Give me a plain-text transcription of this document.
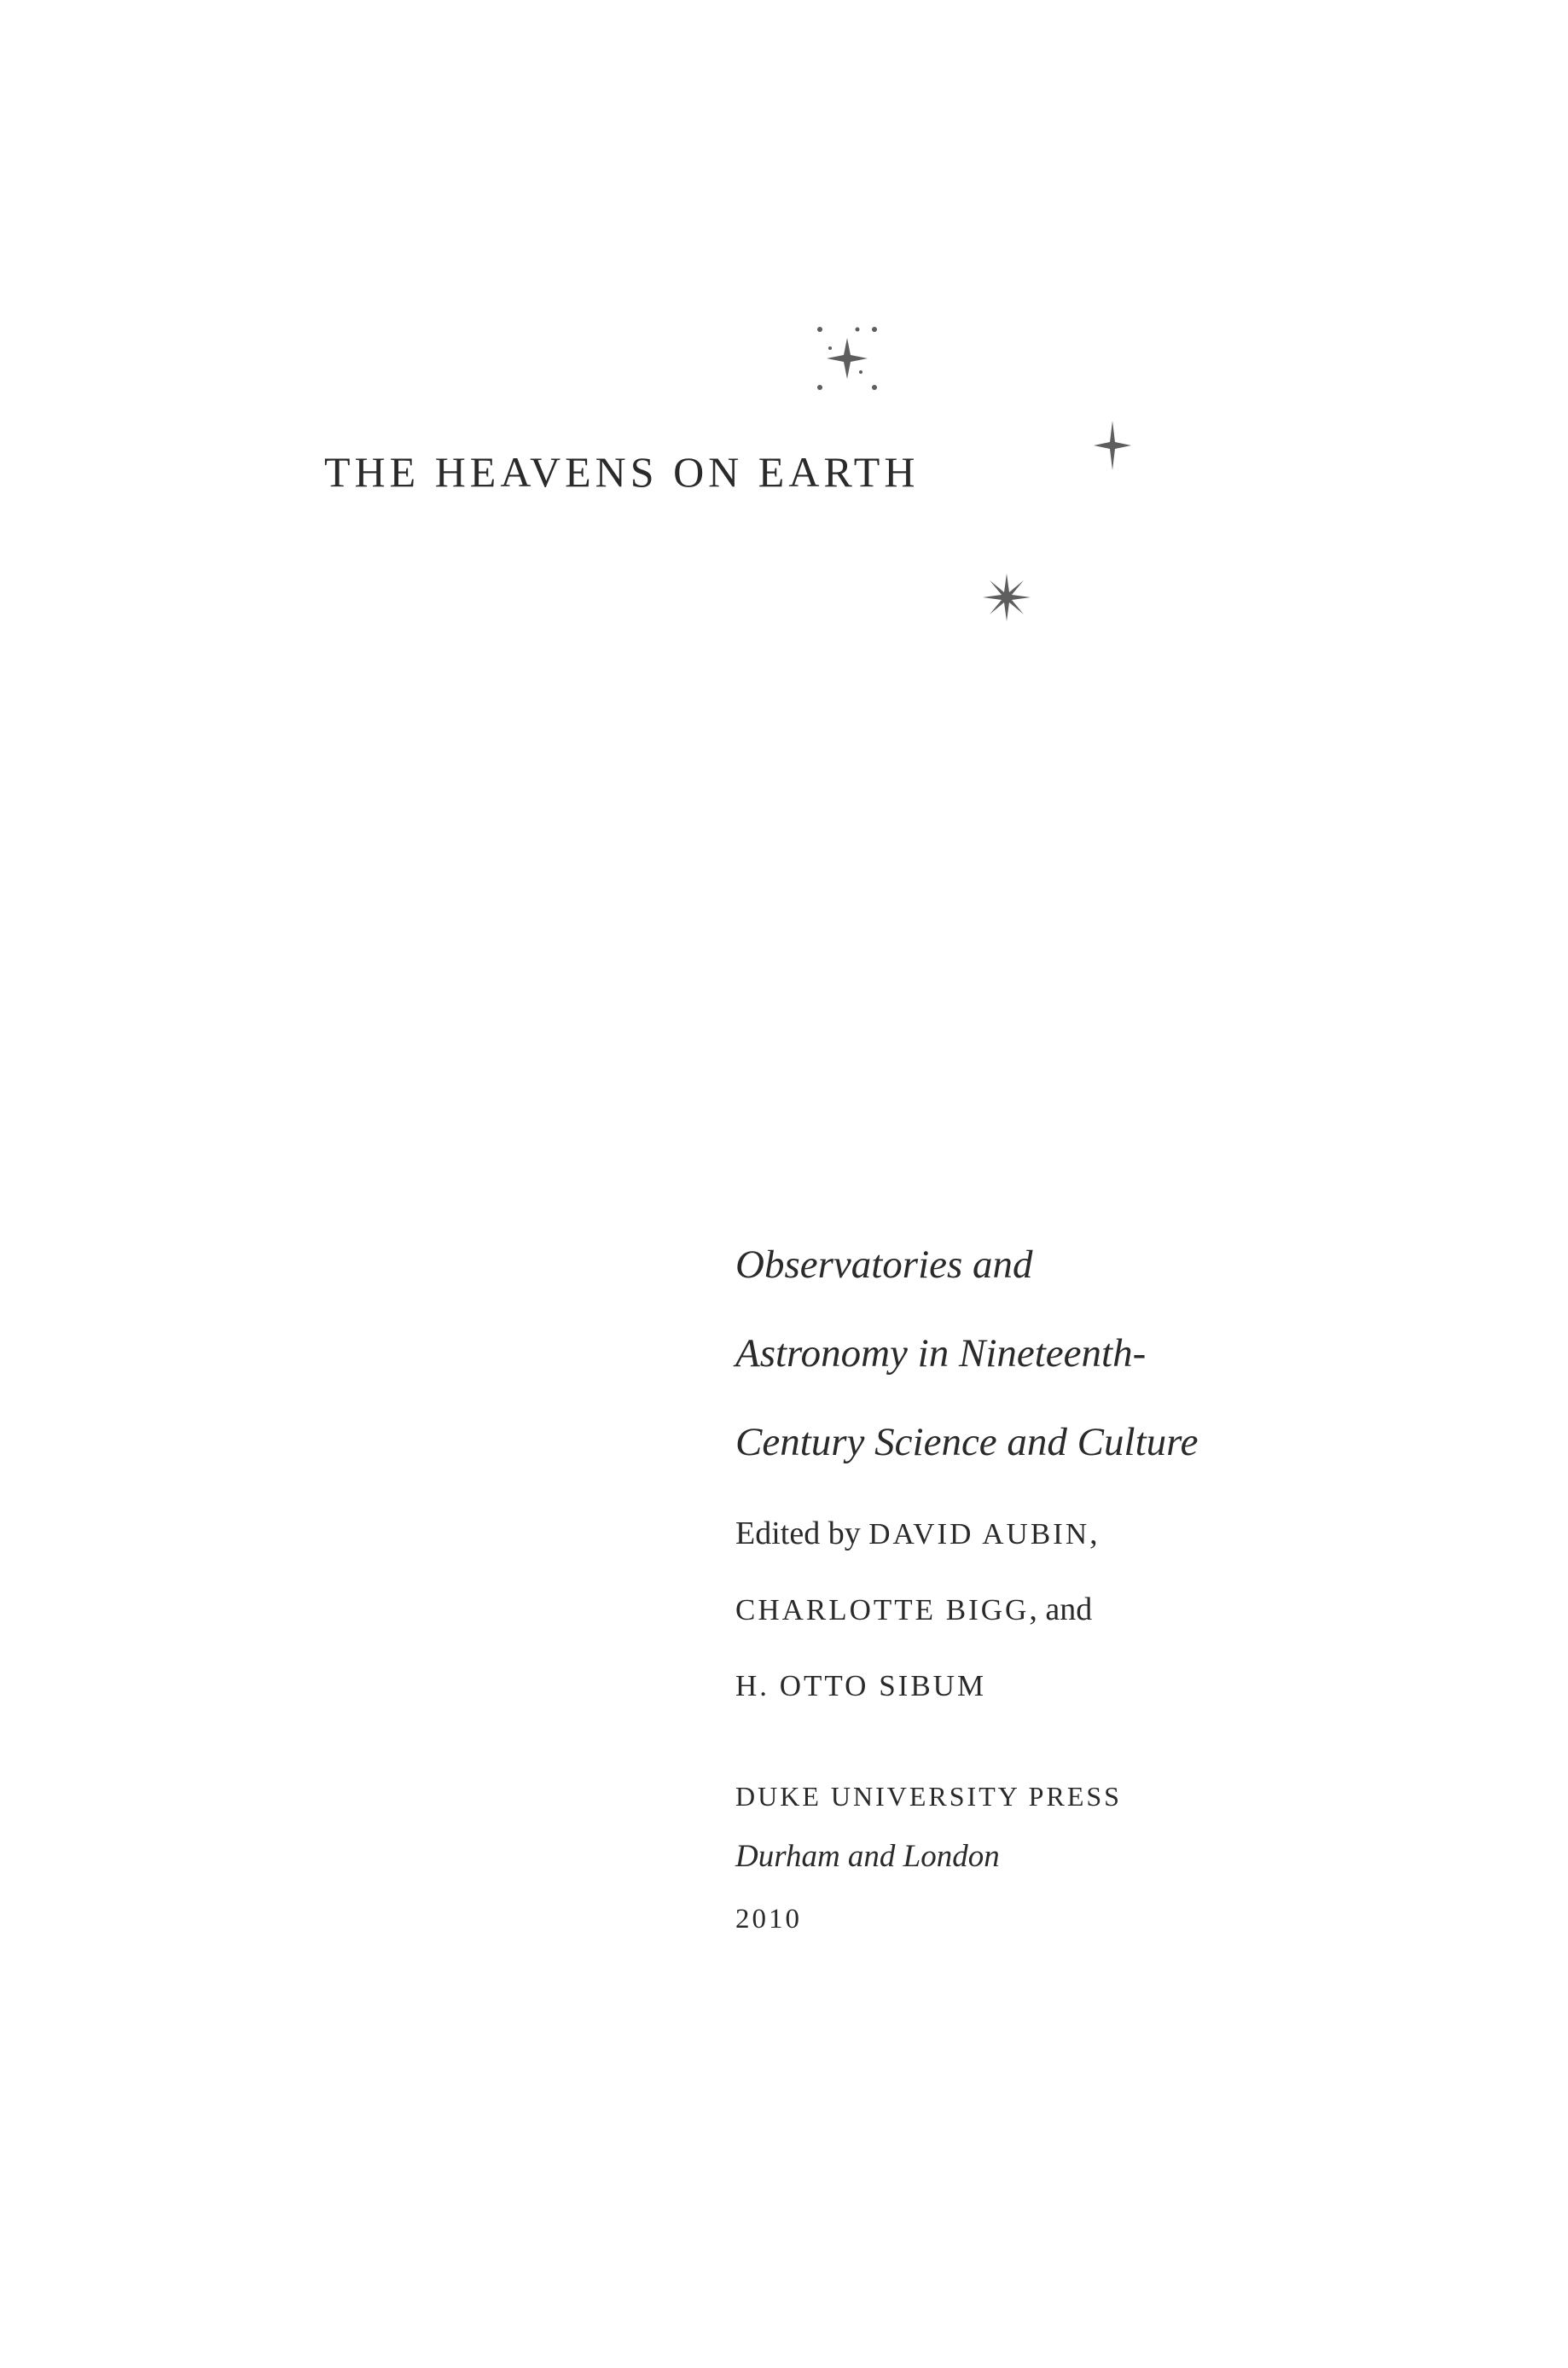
THE HEAVENS ON EARTH
Observatories and
Astronomy in Nineteenth-
Century Science and Culture
Edited by DAVID AUBIN,
CHARLOTTE BIGG, and
H. OTTO SIBUM
DUKE UNIVERSITY PRESS
Durham and London
2010
